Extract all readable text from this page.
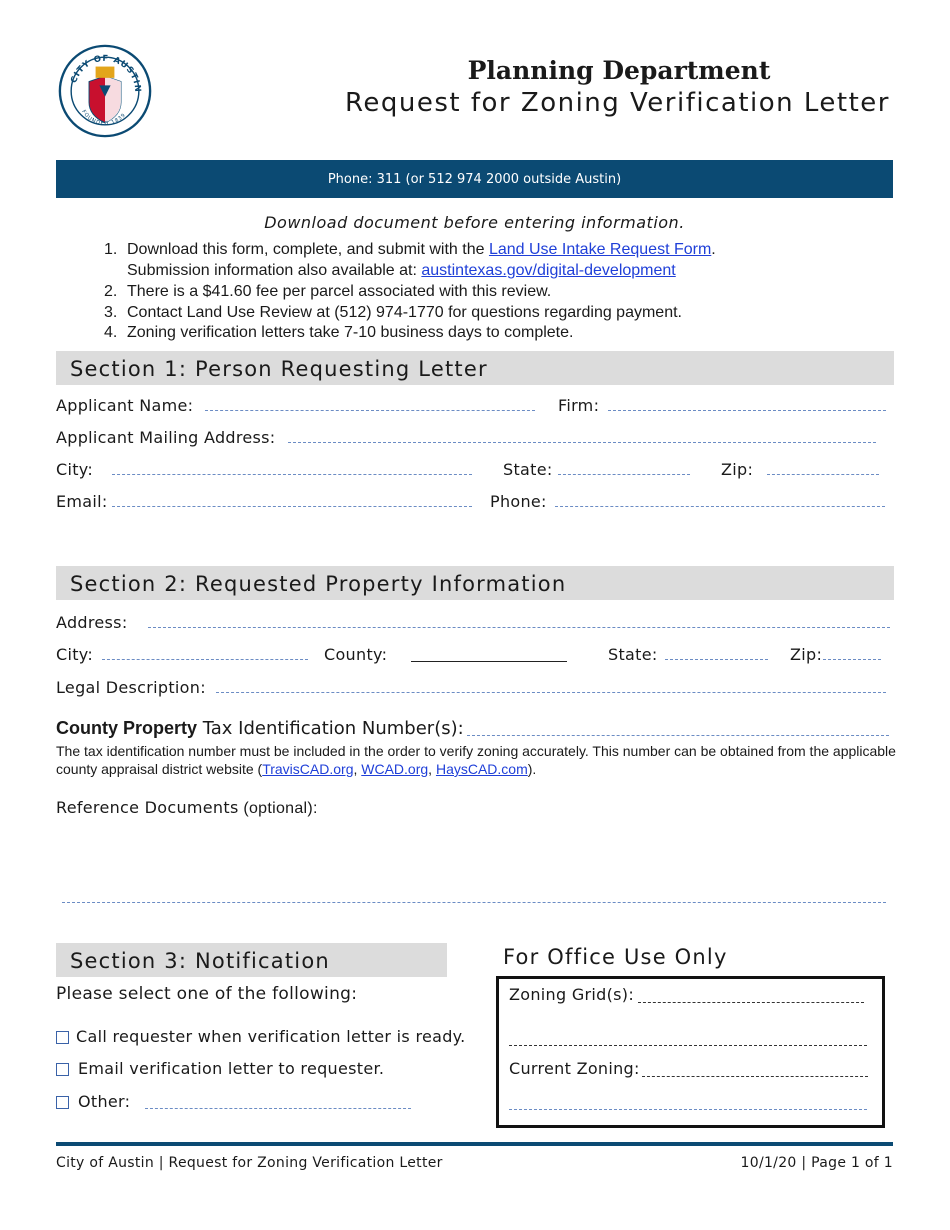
CITY OF AUSTIN
FOUNDED 1839
Planning Department
Request for Zoning Verification Letter
Phone: 311 (or 512 974 2000 outside Austin)
Download document before entering information.
1. Download this form, complete, and submit with the Land Use Intake Request Form.
Submission information also available at: austintexas.gov/digital-development
2. There is a $41.60 fee per parcel associated with this review.
3. Contact Land Use Review at (512) 974-1770 for questions regarding payment.
4. Zoning verification letters take 7-10 business days to complete.
Section 1: Person Requesting Letter
Applicant Name:	Firm:
Applicant Mailing Address:
City:	State:	Zip:
Email:	Phone:
Section 2: Requested Property Information
Address:
City:	County:	State:	Zip:
Legal Description:
County Property Tax Identification Number(s):
The tax identification number must be included in the order to verify zoning accurately. This number can be obtained from the applicable county appraisal district website (TravisCAD.org, WCAD.org, HaysCAD.com).
Reference Documents (optional):
Section 3: Notification
Please select one of the following:
Call requester when verification letter is ready.
Email verification letter to requester.
Other:
For Office Use Only
Zoning Grid(s):
Current Zoning:
City of Austin | Request for Zoning Verification Letter	10/1/20 | Page 1 of 1
